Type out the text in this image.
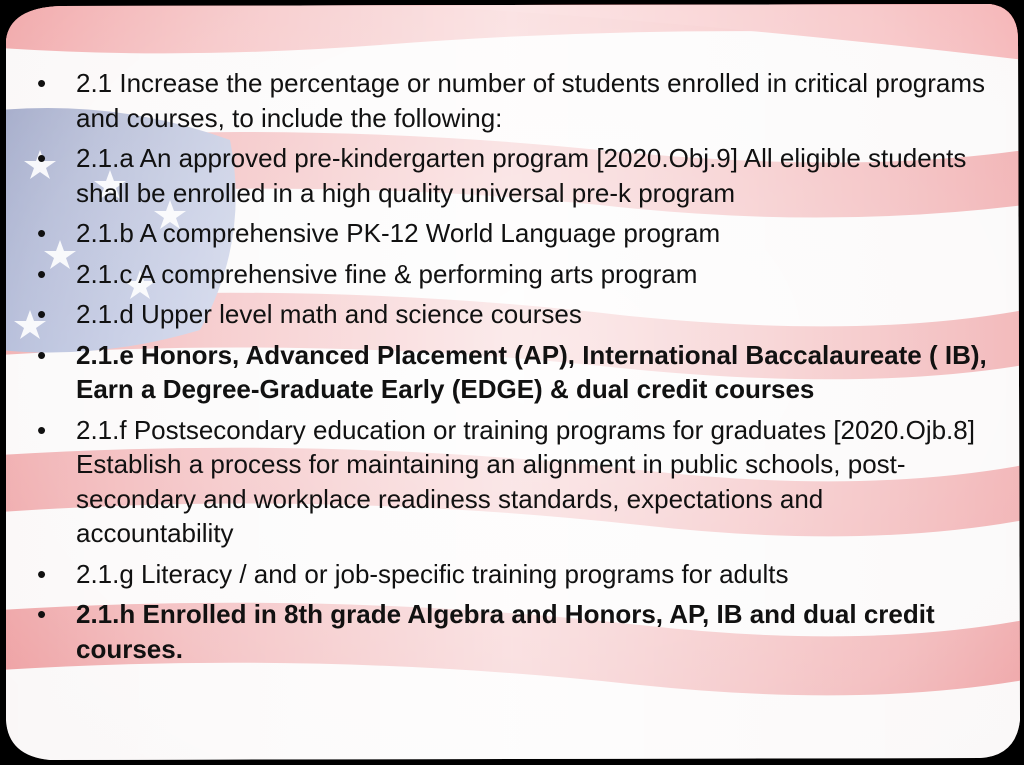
• 2.1 Increase the percentage or number of students enrolled in critical programs and courses, to include the following:
• 2.1.a An approved pre-kindergarten program [2020.Obj.9] All eligible students shall be enrolled in a high quality universal pre-k program
• 2.1.b A comprehensive PK-12 World Language program
• 2.1.c A comprehensive fine & performing arts program
• 2.1.d Upper level math and science courses
• 2.1.e Honors, Advanced Placement (AP), International Baccalaureate ( IB), Earn a Degree-Graduate Early (EDGE) & dual credit courses
• 2.1.f Postsecondary education or training programs for graduates [2020.Ojb.8] Establish a process for maintaining an alignment in public schools, post-secondary and workplace readiness standards, expectations and accountability
• 2.1.g Literacy / and or job-specific training programs for adults
• 2.1.h Enrolled in 8th grade Algebra and Honors, AP, IB and dual credit courses.
